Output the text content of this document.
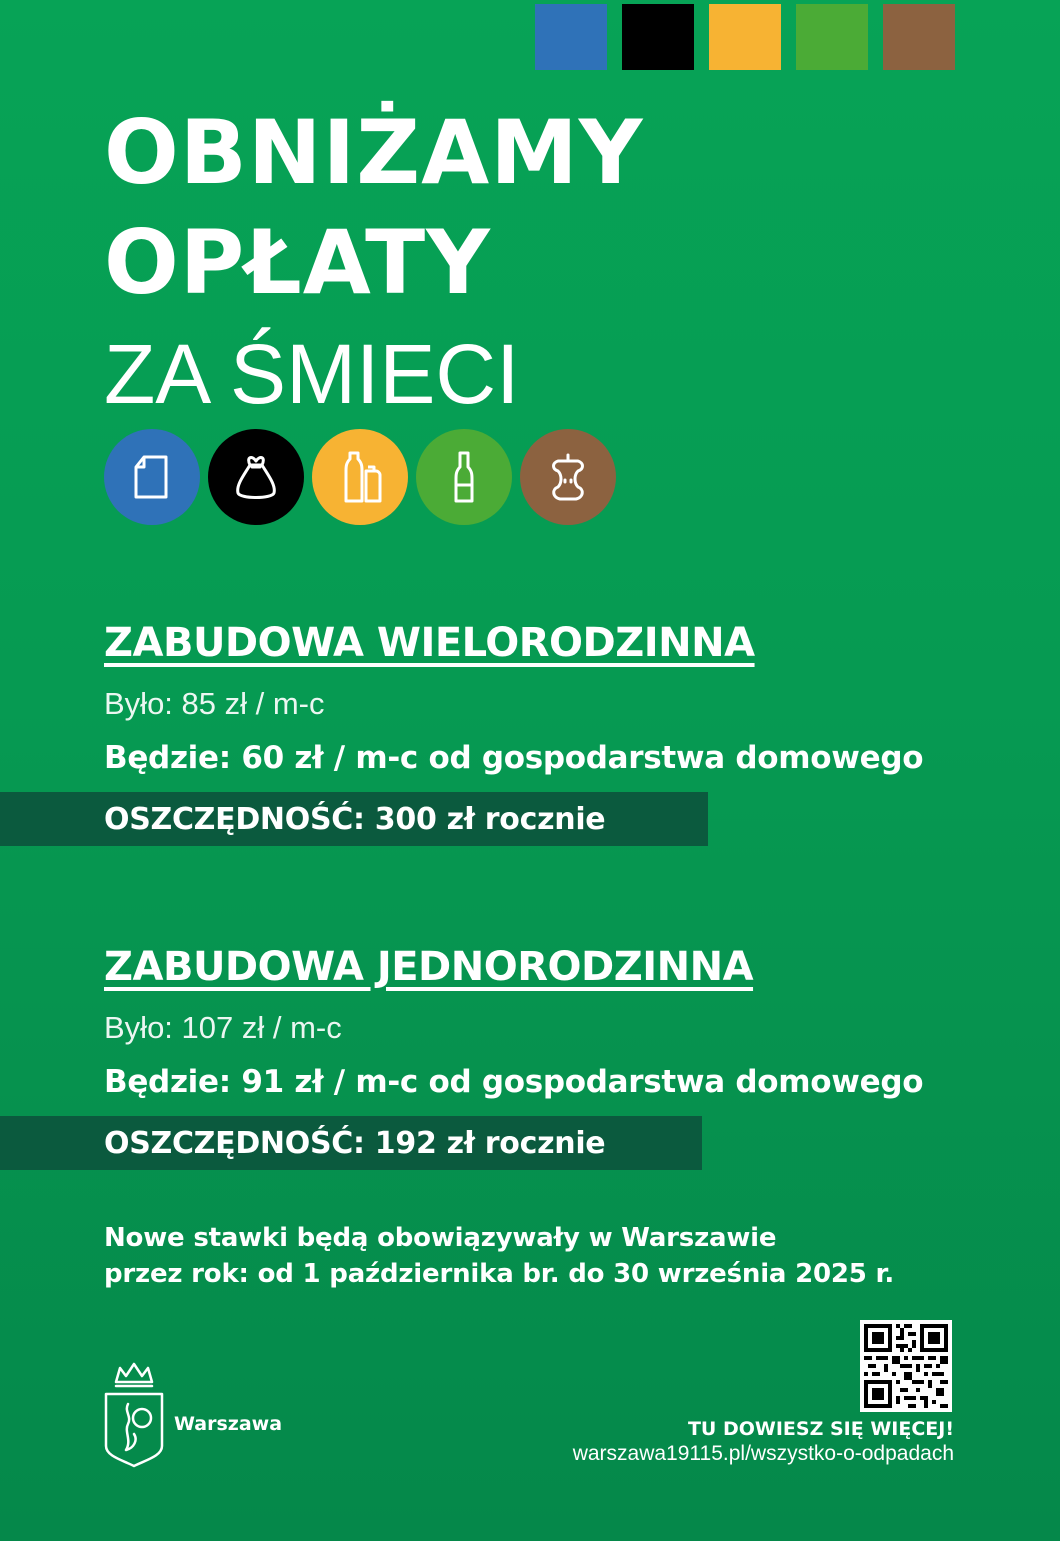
OBNIŻAMY
OPŁATY
ZA ŚMIECI
ZABUDOWA WIELORODZINNA
Było: 85 zł / m-c
Będzie: 60 zł / m-c od gospodarstwa domowego
OSZCZĘDNOŚĆ: 300 zł rocznie
ZABUDOWA JEDNORODZINNA
Było: 107 zł / m-c
Będzie: 91 zł / m-c od gospodarstwa domowego
OSZCZĘDNOŚĆ: 192 zł rocznie
Nowe stawki będą obowiązywały w Warszawie
przez rok: od 1 października br. do 30 września 2025 r.
Warszawa	TU DOWIESZ SIĘ WIĘCEJ!
warszawa19115.pl/wszystko-o-odpadach
